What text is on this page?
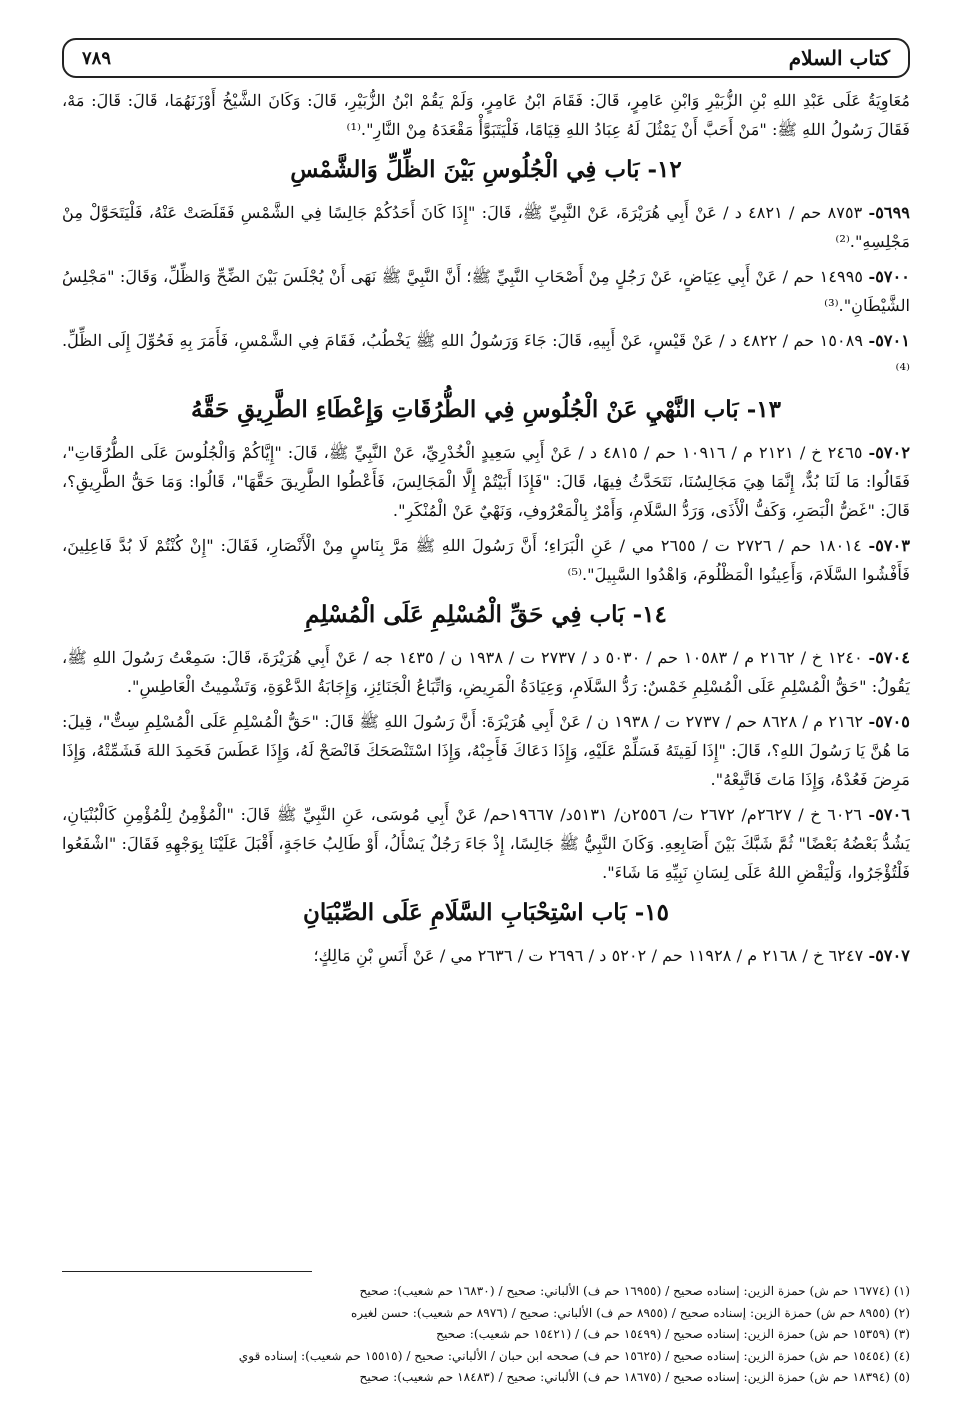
٧٨٩	كتاب السلام

مُعَاوِيَةُ عَلَى عَبْدِ اللهِ بْنِ الزُّبَيْرِ وَابْنِ عَامِرٍ، قَالَ: فَقَامَ ابْنُ عَامِرٍ، وَلَمْ يَقُمْ ابْنُ الزُّبَيْرِ، قَالَ: وَكَانَ الشَّيْخُ أَوْزَنَهُمَا، قَالَ: قَالَ: مَهْ، فَقَالَ رَسُولُ اللهِ ﷺ: "مَنْ أَحَبَّ أَنْ يَمْثُلَ لَهُ عِبَادُ اللهِ قِيَامًا، فَلْيَتَبَوَّأْ مَقْعَدَهُ مِنْ النَّارِ".⁽¹⁾

١٢- بَاب فِي الْجُلُوسِ بَيْنَ الظِّلِّ وَالشَّمْسِ

٥٦٩٩- ٨٧٥٣ حم / ٤٨٢١ د / عَنْ أَبِي هُرَيْرَةَ، عَنْ النَّبِيِّ ﷺ، قَالَ: "إِذَا كَانَ أَحَدُكُمْ جَالِسًا فِي الشَّمْسِ فَقَلَصَتْ عَنْهُ، فَلْيَتَحَوَّلْ مِنْ مَجْلِسِهِ".⁽²⁾

٥٧٠٠- ١٤٩٩٥ حم / عَنْ أَبِي عِيَاضٍ، عَنْ رَجُلٍ مِنْ أَصْحَابِ النَّبِيِّ ﷺ؛ أَنَّ النَّبِيَّ ﷺ نَهَى أَنْ يُجْلَسَ بَيْنَ الضِّحِّ وَالظِّلِّ، وَقَالَ: "مَجْلِسُ الشَّيْطَانِ".⁽³⁾

٥٧٠١- ١٥٠٨٩ حم / ٤٨٢٢ د / عَنْ قَيْسٍ، عَنْ أَبِيهِ، قَالَ: جَاءَ وَرَسُولُ اللهِ ﷺ يَخْطُبُ، فَقَامَ فِي الشَّمْسِ، فَأَمَرَ بِهِ فَحُوِّلَ إِلَى الظِّلِّ.⁽⁴⁾

١٣- بَاب النَّهْيِ عَنْ الْجُلُوسِ فِي الطُّرُقَاتِ وَإِعْطَاءِ الطَّرِيقِ حَقَّهُ

٥٧٠٢- ٢٤٦٥ خ / ٢١٢١ م / ١٠٩١٦ حم / ٤٨١٥ د / عَنْ أَبِي سَعِيدٍ الْخُدْرِيِّ، عَنْ النَّبِيِّ ﷺ، قَالَ: "إِيَّاكُمْ وَالْجُلُوسَ عَلَى الطُّرُقَاتِ"، فَقَالُوا: مَا لَنَا بُدٌّ، إِنَّمَا هِيَ مَجَالِسُنَا، نَتَحَدَّثُ فِيهَا، قَالَ: "فَإِذَا أَبَيْتُمْ إِلَّا الْمَجَالِسَ، فَأَعْطُوا الطَّرِيقَ حَقَّهَا"، قَالُوا: وَمَا حَقُّ الطَّرِيقِ؟، قَالَ: "غَضُّ الْبَصَرِ، وَكَفُّ الْأَذَى، وَرَدُّ السَّلَامِ، وَأَمْرٌ بِالْمَعْرُوفِ، وَنَهْيٌ عَنْ الْمُنْكَرِ".

٥٧٠٣- ١٨٠١٤ حم / ٢٧٢٦ ت / ٢٦٥٥ مي / عَنِ الْبَرَاءِ؛ أَنَّ رَسُولَ اللهِ ﷺ مَرَّ بِنَاسٍ مِنْ الْأَنْصَارِ، فَقَالَ: "إِنْ كُنْتُمْ لَا بُدَّ فَاعِلِينَ، فَأَفْشُوا السَّلَامَ، وَأَعِينُوا الْمَظْلُومَ، وَاهْدُوا السَّبِيلَ".⁽⁵⁾

١٤- بَاب فِي حَقِّ الْمُسْلِمِ عَلَى الْمُسْلِمِ

٥٧٠٤- ١٢٤٠ خ / ٢١٦٢ م / ١٠٥٨٣ حم / ٥٠٣٠ د / ٢٧٣٧ ت / ١٩٣٨ ن / ١٤٣٥ جه / عَنْ أَبِي هُرَيْرَةَ، قَالَ: سَمِعْتُ رَسُولَ اللهِ ﷺ، يَقُولُ: "حَقُّ الْمُسْلِمِ عَلَى الْمُسْلِمِ خَمْسٌ: رَدُّ السَّلَامِ، وَعِيَادَةُ الْمَرِيضِ، وَاتِّبَاعُ الْجَنَائِزِ، وَإِجَابَةُ الدَّعْوَةِ، وَتَشْمِيتُ الْعَاطِسِ".

٥٧٠٥- ٢١٦٢ م / ٨٦٢٨ حم / ٢٧٣٧ ت / ١٩٣٨ ن / عَنْ أَبِي هُرَيْرَةَ: أَنَّ رَسُولَ اللهِ ﷺ قَالَ: "حَقُّ الْمُسْلِمِ عَلَى الْمُسْلِمِ سِتٌّ"، قِيلَ: مَا هُنَّ يَا رَسُولَ اللهِ؟، قَالَ: "إِذَا لَقِيتَهُ فَسَلِّمْ عَلَيْهِ، وَإِذَا دَعَاكَ فَأَجِبْهُ، وَإِذَا اسْتَنْصَحَكَ فَانْصَحْ لَهُ، وَإِذَا عَطَسَ فَحَمِدَ اللهَ فَشَمِّتْهُ، وَإِذَا مَرِضَ فَعُدْهُ، وَإِذَا مَاتَ فَاتَّبِعْهُ".

٥٧٠٦- ٦٠٢٦ خ / ٢٦٢٧م/ ٢٦٧٢ ت/ ٢٥٥٦ن/ ٥١٣١د/ ١٩٦٦٧حم/ عَنْ أَبِي مُوسَى، عَنِ النَّبِيِّ ﷺ قَالَ: "الْمُؤْمِنُ لِلْمُؤْمِنِ كَالْبُنْيَانِ، يَشُدُّ بَعْضُهُ بَعْضًا" ثُمَّ شَبَّكَ بَيْنَ أَصَابِعِهِ. وَكَانَ النَّبِيُّ ﷺ جَالِسًا، إِذْ جَاءَ رَجُلٌ يَسْأَلُ، أَوْ طَالِبُ حَاجَةٍ، أَقْبَلَ عَلَيْنَا بِوَجْهِهِ فَقَالَ: "اشْفَعُوا فَلْتُؤْجَرُوا، وَلْيَقْضِ اللهُ عَلَى لِسَانِ نَبِيِّهِ مَا شَاءَ".

١٥- بَاب اسْتِحْبَابِ السَّلَامِ عَلَى الصِّبْيَانِ

٥٧٠٧- ٦٢٤٧ خ / ٢١٦٨ م / ١١٩٢٨ حم / ٥٢٠٢ د / ٢٦٩٦ ت / ٢٦٣٦ مي / عَنْ أَنَسِ بْنِ مَالِكٍ؛

(١) (١٦٧٧٤ حم ش) حمزة الزين: إسناده صحيح / (١٦٩٥٥ حم ف) الألباني: صحيح / (١٦٨٣٠ حم شعيب): صحيح

(٢) (٨٩٥٥ حم ش) حمزة الزين: إسناده صحيح / (٨٩٥٥ حم ف) الألباني: صحيح / (٨٩٧٦ حم شعيب): حسن لغيره

(٣) (١٥٣٥٩ حم ش) حمزة الزين: إسناده صحيح / (١٥٤٩٩ حم ف) / (١٥٤٢١ حم شعيب): صحيح

(٤) (١٥٤٥٤ حم ش) حمزة الزين: إسناده صحيح / (١٥٦٢٥ حم ف) صححه ابن حبان / الألباني: صحيح / (١٥٥١٥ حم شعيب): إسناده قوي

(٥) (١٨٣٩٤ حم ش) حمزة الزين: إسناده صحيح / (١٨٦٧٥ حم ف) الألباني: صحيح / (١٨٤٨٣ حم شعيب): صحيح
